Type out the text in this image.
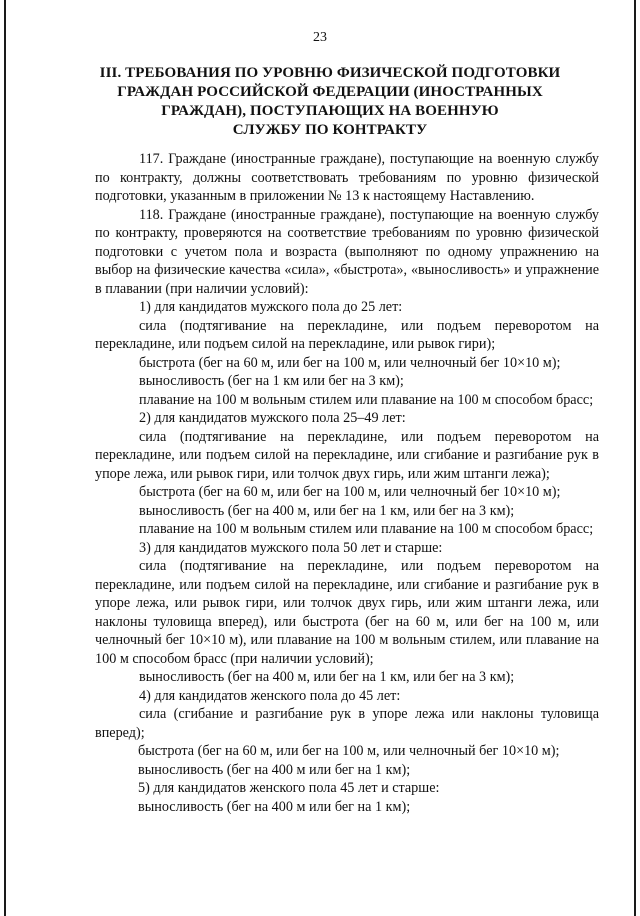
23
III. ТРЕБОВАНИЯ ПО УРОВНЮ ФИЗИЧЕСКОЙ ПОДГОТОВКИ
ГРАЖДАН РОССИЙСКОЙ ФЕДЕРАЦИИ (ИНОСТРАННЫХ
ГРАЖДАН), ПОСТУПАЮЩИХ НА ВОЕННУЮ
СЛУЖБУ ПО КОНТРАКТУ

117. Граждане (иностранные граждане), поступающие на военную службу по контракту, должны соответствовать требованиям по уровню физической подготовки, указанным в приложении № 13 к настоящему Наставлению.

118. Граждане (иностранные граждане), поступающие на военную службу по контракту, проверяются на соответствие требованиям по уровню физической подготовки с учетом пола и возраста (выполняют по одному упражнению на выбор на физические качества «сила», «быстрота», «выносливость» и упражнение в плавании (при наличии условий):

1) для кандидатов мужского пола до 25 лет:

сила (подтягивание на перекладине, или подъем переворотом на перекладине, или подъем силой на перекладине, или рывок гири);

быстрота (бег на 60 м, или бег на 100 м, или челночный бег 10×10 м);

выносливость (бег на 1 км или бег на 3 км);

плавание на 100 м вольным стилем или плавание на 100 м способом брасс;

2) для кандидатов мужского пола 25–49 лет:

сила (подтягивание на перекладине, или подъем переворотом на перекладине, или подъем силой на перекладине, или сгибание и разгибание рук в упоре лежа, или рывок гири, или толчок двух гирь, или жим штанги лежа);

быстрота (бег на 60 м, или бег на 100 м, или челночный бег 10×10 м);

выносливость (бег на 400 м, или бег на 1 км, или бег на 3 км);

плавание на 100 м вольным стилем или плавание на 100 м способом брасс;

3) для кандидатов мужского пола 50 лет и старше:

сила (подтягивание на перекладине, или подъем переворотом на перекладине, или подъем силой на перекладине, или сгибание и разгибание рук в упоре лежа, или рывок гири, или толчок двух гирь, или жим штанги лежа, или наклоны туловища вперед), или быстрота (бег на 60 м, или бег на 100 м, или челночный бег 10×10 м), или плавание на 100 м вольным стилем, или плавание на 100 м способом брасс (при наличии условий);

выносливость (бег на 400 м, или бег на 1 км, или бег на 3 км);

4) для кандидатов женского пола до 45 лет:

сила (сгибание и разгибание рук в упоре лежа или наклоны туловища вперед);

быстрота (бег на 60 м, или бег на 100 м, или челночный бег 10×10 м);

выносливость (бег на 400 м или бег на 1 км);

5) для кандидатов женского пола 45 лет и старше:

выносливость (бег на 400 м или бег на 1 км);
